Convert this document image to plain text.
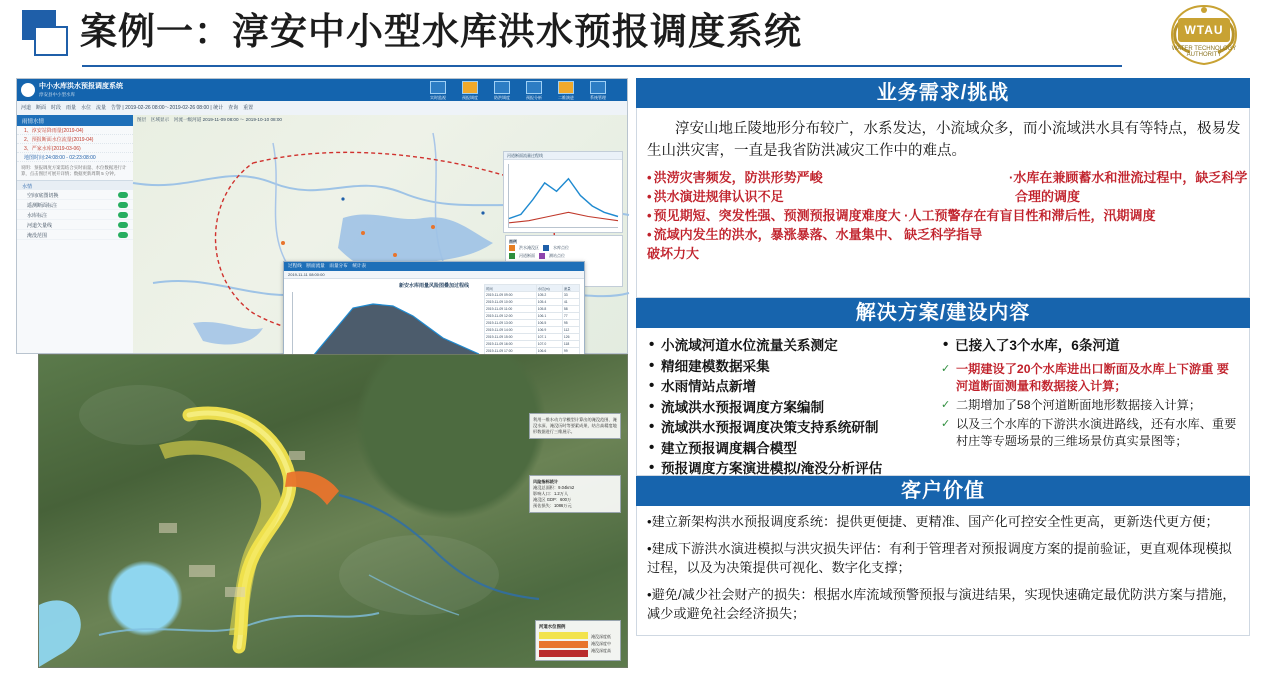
案例一：淳安中小型水库洪水预报调度系统	WTAU
WATER TECHNOLOGY AUTHORITY
中小水库洪水预报调度系统
淳安县中小型水库
实时监视	预报调度	防洪调度	预报分析	二维演进	系统管理
河道　断面　时段　雨量　水位　流量　告警 | 2019-02-26 08:00～2019-02-26 08:00 | 统计　查询　重置
雨情水情
1、淳安站降雨量(2019-04)
2、预报断面水位流量(2019-04)
3、严家水库(2019-03-06)
地图时间:24:08:00 - 02:23:08:00
说明：预报调度方案需结合实时雨量、水位数据进行计算，点击图层可展开详情；数据更新周期 5 分钟。
水情
空间/底图切换
遥测断面标注
水库标注
河道矢量线
淹没范围
图层　区域显示　河流一级河道 2019-11-09 08:00 ～ 2019-10-10 08:00
河道断面流量过程线
图例
洪水淹没区	水库点位
河道断面	测站点位
过程线　断面流量　雨量分布　统计表
2019-11-11 08:00:00
新安水库雨量风险图叠加过程线	时间	水位(m)	流量
2019-11-09 09:00	105.2	33
2019-11-09 10:00	105.4	41
2019-11-09 11:00	105.8	58
2019-11-09 12:00	106.1	77
2019-11-09 13:00	106.5	95
2019-11-09 14:00	106.9	112
2019-11-09 15:00	107.1	126
2019-11-09 16:00	107.0	118
2019-11-09 17:00	106.6	99

利用一维水动力学模型计算出的淹没范围、淹没水深、淹没历时等要素成果，结合高精度地形数据进行三维展示。
风险指标统计
淹没总面积：9.04km2
影响人口：1.2万人
淹没区 GDP：600万
预估损失：1086万元
河道水位图例
淹没深度低
淹没深度中
淹没深度高
业务需求/挑战
淳安山地丘陵地形分布较广，水系发达，小流域众多，而小流域洪水具有等特点，极易发生山洪灾害，一直是我省防洪减灾工作中的难点。
• 洪涝灾害频发，防洪形势严峻
• 洪水演进规律认识不足
·水库在兼顾蓄水和泄流过程中，缺乏科学
合理的调度
• 预见期短、突发性强、预测预报调度难度大 ·人工预警存在有盲目性和滞后性，汛期调度
• 流域内发生的洪水，暴涨暴落、水量集中、 缺乏科学指导
破坏力大
解决方案/建设内容
• 小流域河道水位流量关系测定
• 精细建模数据采集
• 水雨情站点新增
• 流域洪水预报调度方案编制
• 流域洪水预报调度决策支持系统研制
• 建立预报调度耦合模型
• 预报调度方案演进模拟/淹没分析评估
• 已接入了3个水库，6条河道
✓ 一期建设了20个水库进出口断面及水库上下游重 要河道断面测量和数据接入计算；
✓ 二期增加了58个河道断面地形数据接入计算；
✓ 以及三个水库的下游洪水演进路线，还有水库、重要村庄等专题场景的三维场景仿真实景图等；
客户价值
•建立新架构洪水预报调度系统：提供更便捷、更精准、国产化可控安全性更高，更新迭代更方便；
•建成下游洪水演进模拟与洪灾损失评估：有利于管理者对预报调度方案的提前验证，更直观体现模拟过程，以及为决策提供可视化、数字化支撑；
•避免/减少社会财产的损失：根据水库流域预警预报与演进结果，实现快速确定最优防洪方案与措施，减少或避免社会经济损失；
